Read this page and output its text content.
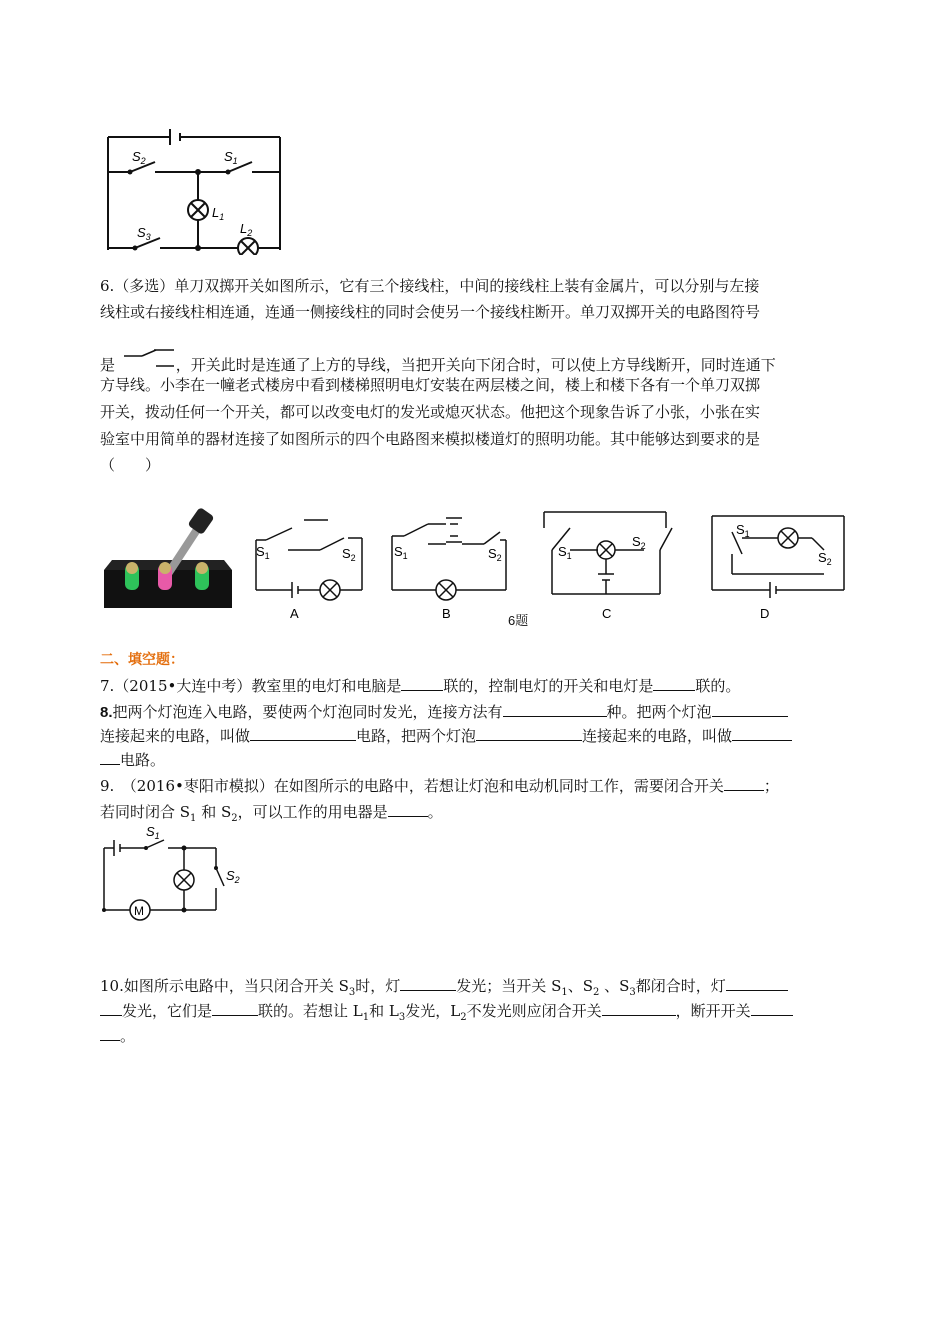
$S_2$	$S_1$
$L_1$
$S_3$
$L_2$
6.（多选）单刀双掷开关如图所示，它有三个接线柱，中间的接线柱上装有金属片，可以分别与左接
线柱或右接线柱相连通，连通一侧接线柱的同时会使另一个接线柱断开。单刀双掷开关的电路图符号
是	，开关此时是连通了上方的导线，当把开关向下闭合时，可以使上方导线断开，同时连通下
方导线。小李在一幢老式楼房中看到楼梯照明电灯安装在两层楼之间，楼上和楼下各有一个单刀双掷
开关，拨动任何一个开关，都可以改变电灯的发光或熄灭状态。他把这个现象告诉了小张，小张在实
验室中用简单的器材连接了如图所示的四个电路图来模拟楼道灯的照明功能。其中能够达到要求的是
（　　）
$S_1$	$S_2$
A
$S_1$	$S_2$
B
$S_1$
$S_2$
C
$S_1$
$S_2$
D
6题
二、填空题：
7.（2015•大连中考）教室里的电灯和电脑是	联的，控制电灯的开关和电灯是	联的。
8.把两个灯泡连入电路，要使两个灯泡同时发光，连接方法有	种。把两个灯泡
连接起来的电路，叫做	电路，把两个灯泡	连接起来的电路，叫做
电路。
9.　（2016•枣阳市模拟）在如图所示的电路中，若想让灯泡和电动机同时工作，需要闭合开关	；
若同时闭合 $S_1$ 和 $S_2$，可以工作的用电器是	。
$S_1$
$S_2$
M
10.如图所示电路中，当只闭合开关 $S_3$时，灯	发光；当开关 $S_1$、$S_2$ 、$S_3$都闭合时，灯
发光，它们是	联的。若想让 $L_1$和 $L_3$发光，$L_2$不发光则应闭合开关	，断开开关
。
